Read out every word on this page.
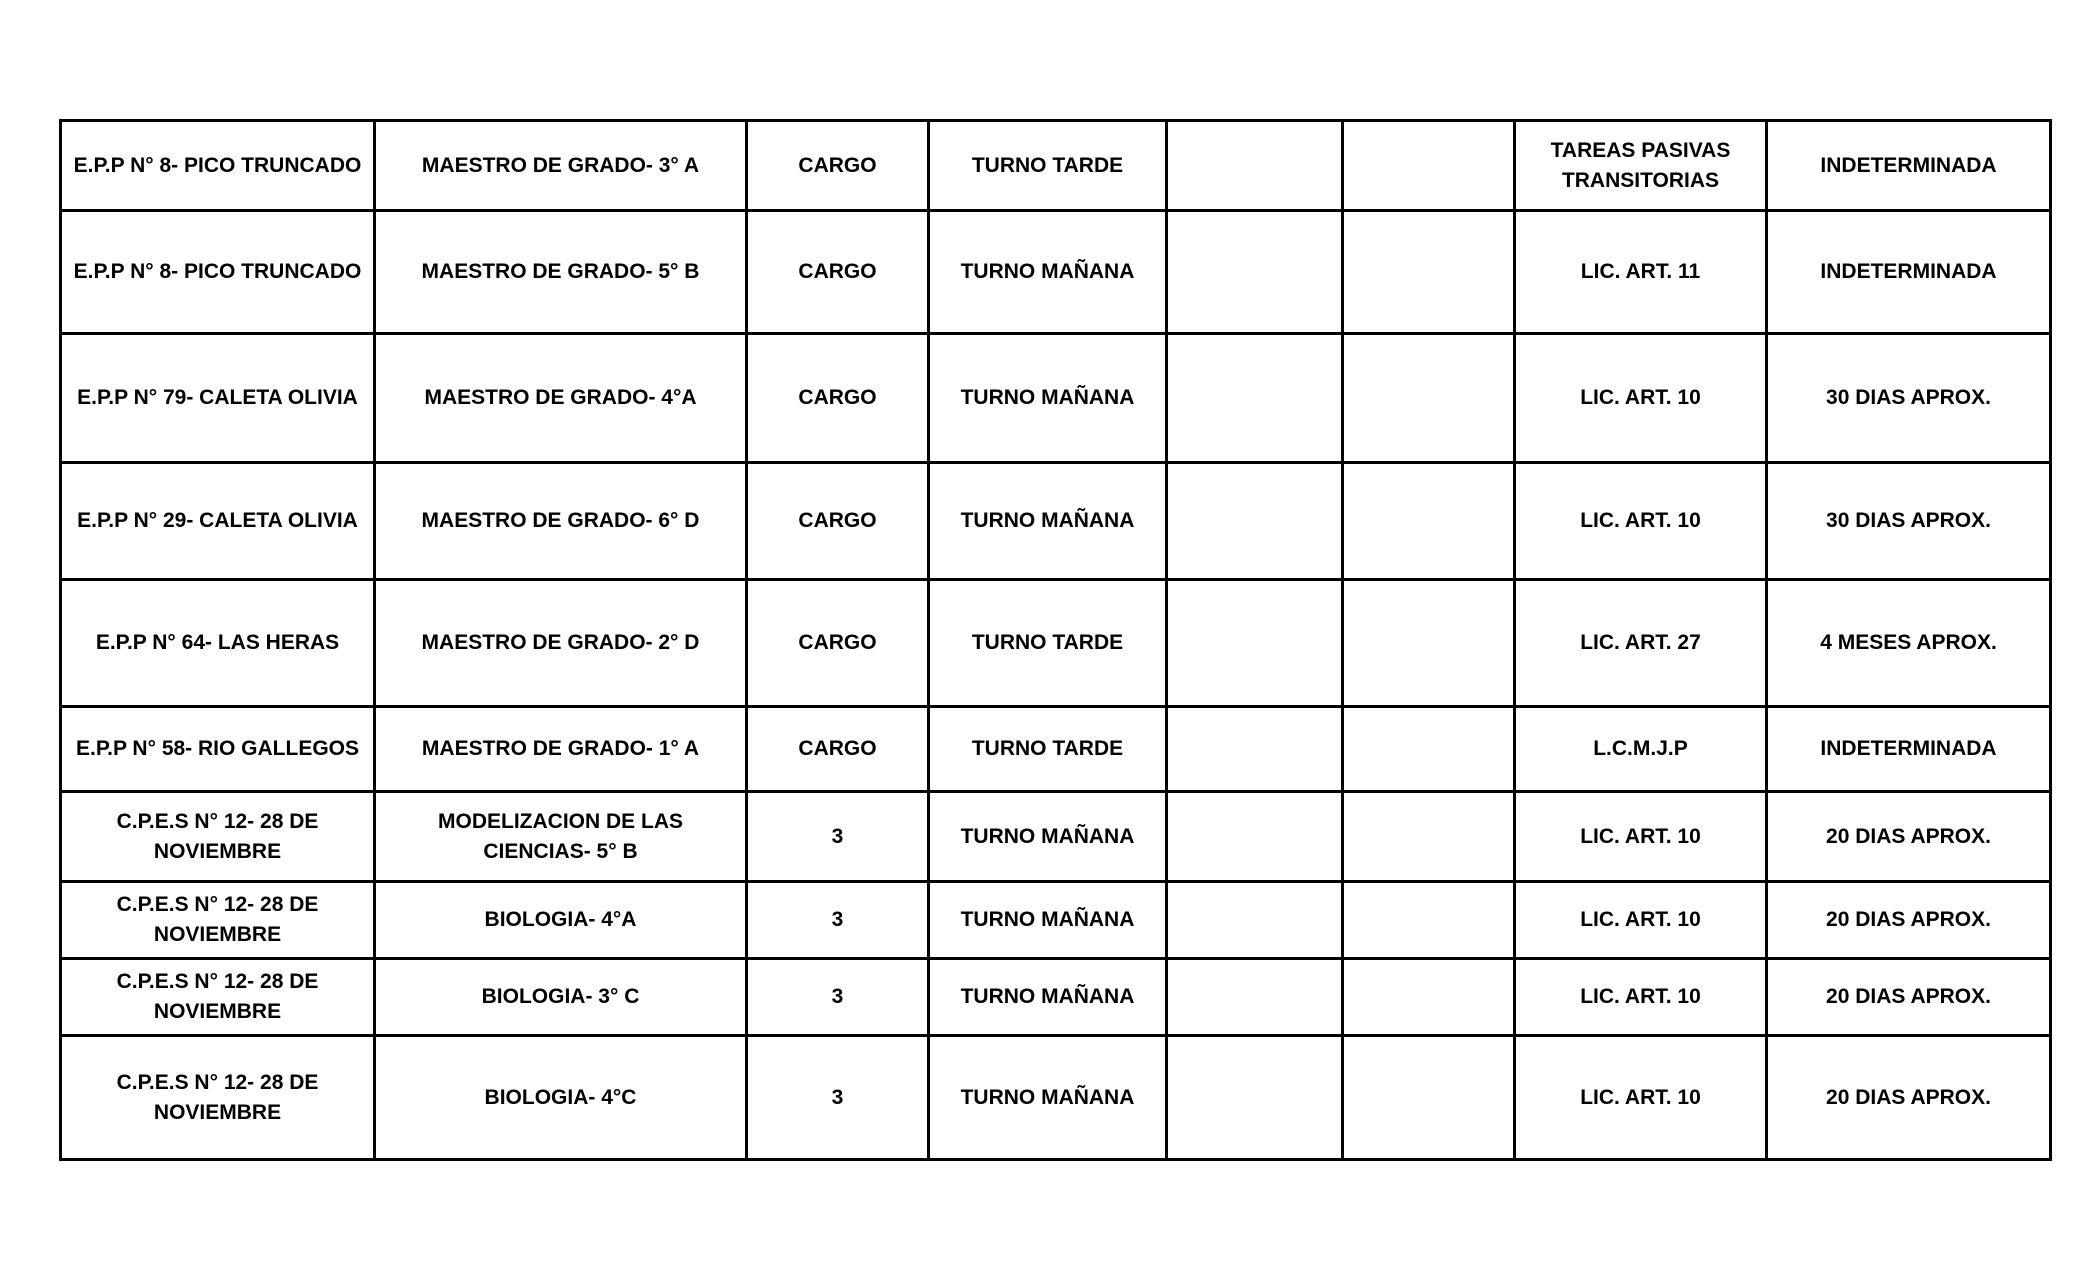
E.P.P N° 8- PICO TRUNCADO	MAESTRO DE GRADO- 3° A	CARGO	TURNO TARDE			TAREAS PASIVAS TRANSITORIAS	INDETERMINADA
E.P.P N° 8- PICO TRUNCADO	MAESTRO DE GRADO- 5° B	CARGO	TURNO MAÑANA			LIC. ART. 11	INDETERMINADA
E.P.P N° 79- CALETA OLIVIA	MAESTRO DE GRADO- 4°A	CARGO	TURNO MAÑANA			LIC. ART. 10	30 DIAS APROX.
E.P.P N° 29- CALETA OLIVIA	MAESTRO DE GRADO- 6° D	CARGO	TURNO MAÑANA			LIC. ART. 10	30 DIAS APROX.
E.P.P N° 64- LAS HERAS	MAESTRO DE GRADO- 2° D	CARGO	TURNO TARDE			LIC. ART. 27	4 MESES APROX.
E.P.P N° 58- RIO GALLEGOS	MAESTRO DE GRADO- 1° A	CARGO	TURNO TARDE			L.C.M.J.P	INDETERMINADA
C.P.E.S N° 12- 28 DE NOVIEMBRE	MODELIZACION DE LAS CIENCIAS- 5° B	3	TURNO MAÑANA			LIC. ART. 10	20 DIAS APROX.
C.P.E.S N° 12- 28 DE NOVIEMBRE	BIOLOGIA- 4°A	3	TURNO MAÑANA			LIC. ART. 10	20 DIAS APROX.
C.P.E.S N° 12- 28 DE NOVIEMBRE	BIOLOGIA- 3° C	3	TURNO MAÑANA			LIC. ART. 10	20 DIAS APROX.
C.P.E.S N° 12- 28 DE NOVIEMBRE	BIOLOGIA- 4°C	3	TURNO MAÑANA			LIC. ART. 10	20 DIAS APROX.
